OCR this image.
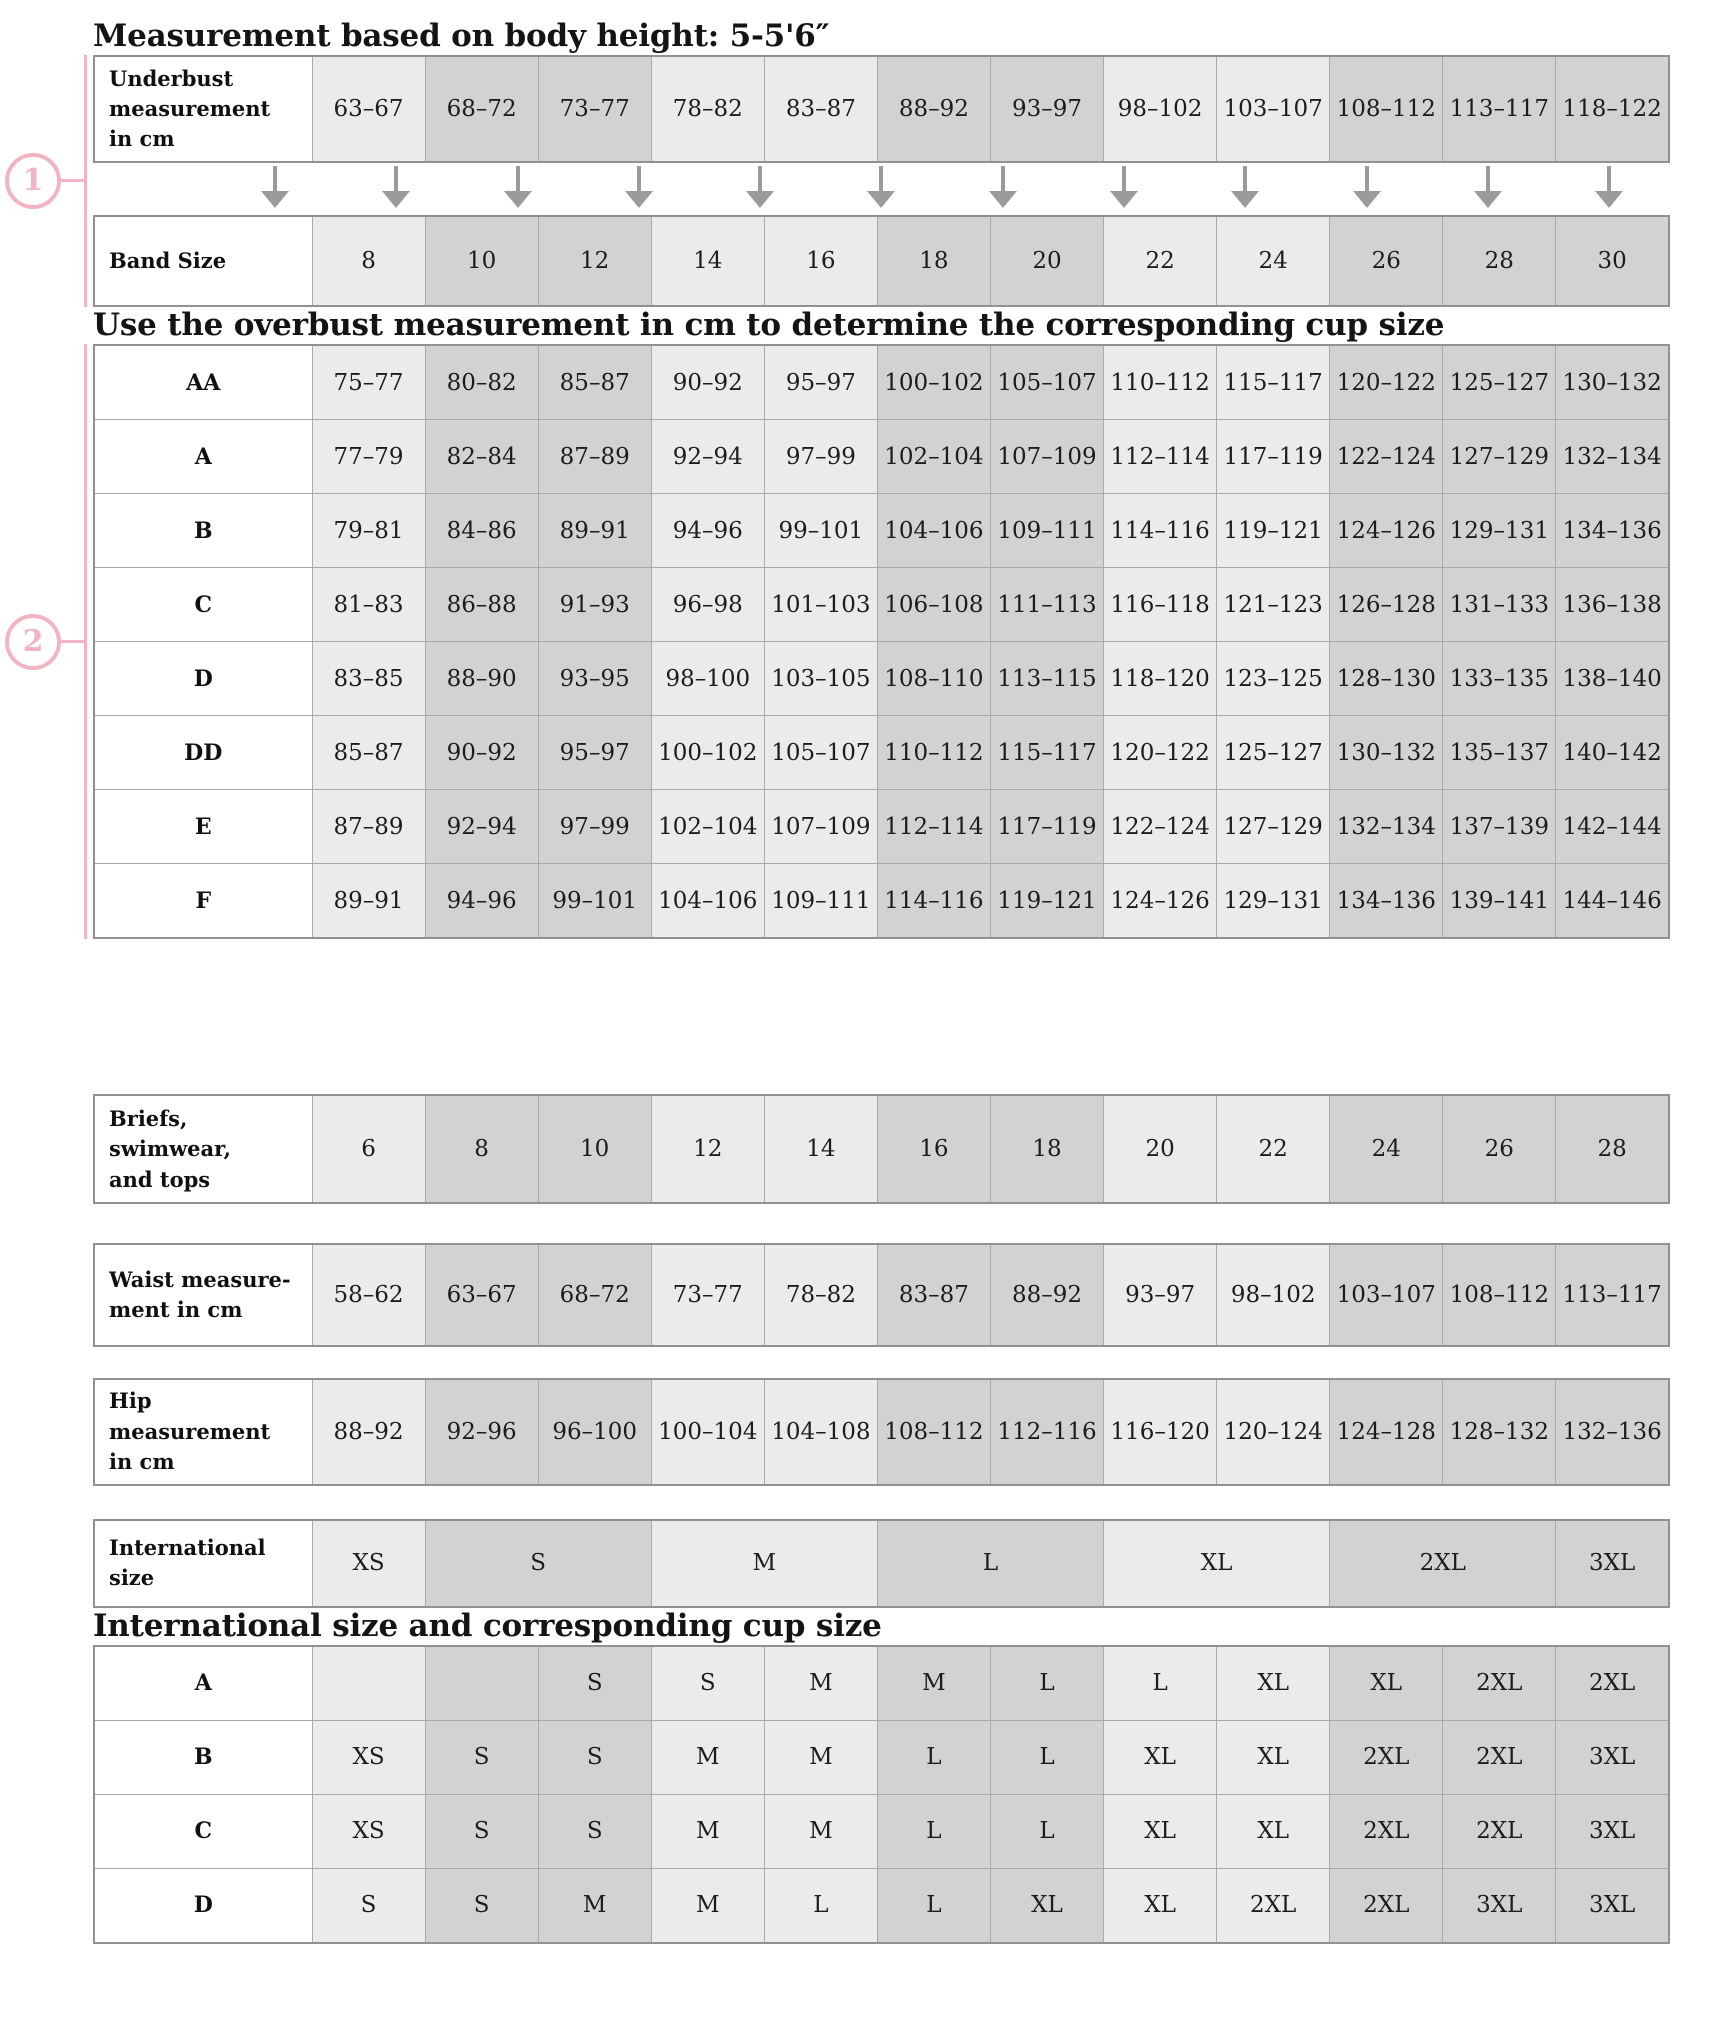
Measurement based on body height: 5-5'6″
1
Underbust
measurement
in cm
	63–67	68–72	73–77	78–82	83–87	88–92	93–97	98–102	103–107	108–112	113–117	118–122

Band Size	8	10	12	14	16	18	20	22	24	26	28	30
Use the overbust measurement in cm to determine the corresponding cup size
2
AA	75–77	80–82	85–87	90–92	95–97	100–102	105–107	110–112	115–117	120–122	125–127	130–132
A	77–79	82–84	87–89	92–94	97–99	102–104	107–109	112–114	117–119	122–124	127–129	132–134
B	79–81	84–86	89–91	94–96	99–101	104–106	109–111	114–116	119–121	124–126	129–131	134–136
C	81–83	86–88	91–93	96–98	101–103	106–108	111–113	116–118	121–123	126–128	131–133	136–138
D	83–85	88–90	93–95	98–100	103–105	108–110	113–115	118–120	123–125	128–130	133–135	138–140
DD	85–87	90–92	95–97	100–102	105–107	110–112	115–117	120–122	125–127	130–132	135–137	140–142
E	87–89	92–94	97–99	102–104	107–109	112–114	117–119	122–124	127–129	132–134	137–139	142–144
F	89–91	94–96	99–101	104–106	109–111	114–116	119–121	124–126	129–131	134–136	139–141	144–146
Briefs, swimwear,
and tops
	6	8	10	12	14	16	18	20	22	24	26	28
Waist measure-
ment in cm
	58–62	63–67	68–72	73–77	78–82	83–87	88–92	93–97	98–102	103–107	108–112	113–117
Hip measurement
in cm
	88–92	92–96	96–100	100–104	104–108	108–112	112–116	116–120	120–124	124–128	128–132	132–136
International size
	XS	S	M	L	XL	2XL	3XL
International size and corresponding cup size
A			S	S	M	M	L	L	XL	XL	2XL	2XL
B	XS	S	S	M	M	L	L	XL	XL	2XL	2XL	3XL
C	XS	S	S	M	M	L	L	XL	XL	2XL	2XL	3XL
D	S	S	M	M	L	L	XL	XL	2XL	2XL	3XL	3XL
